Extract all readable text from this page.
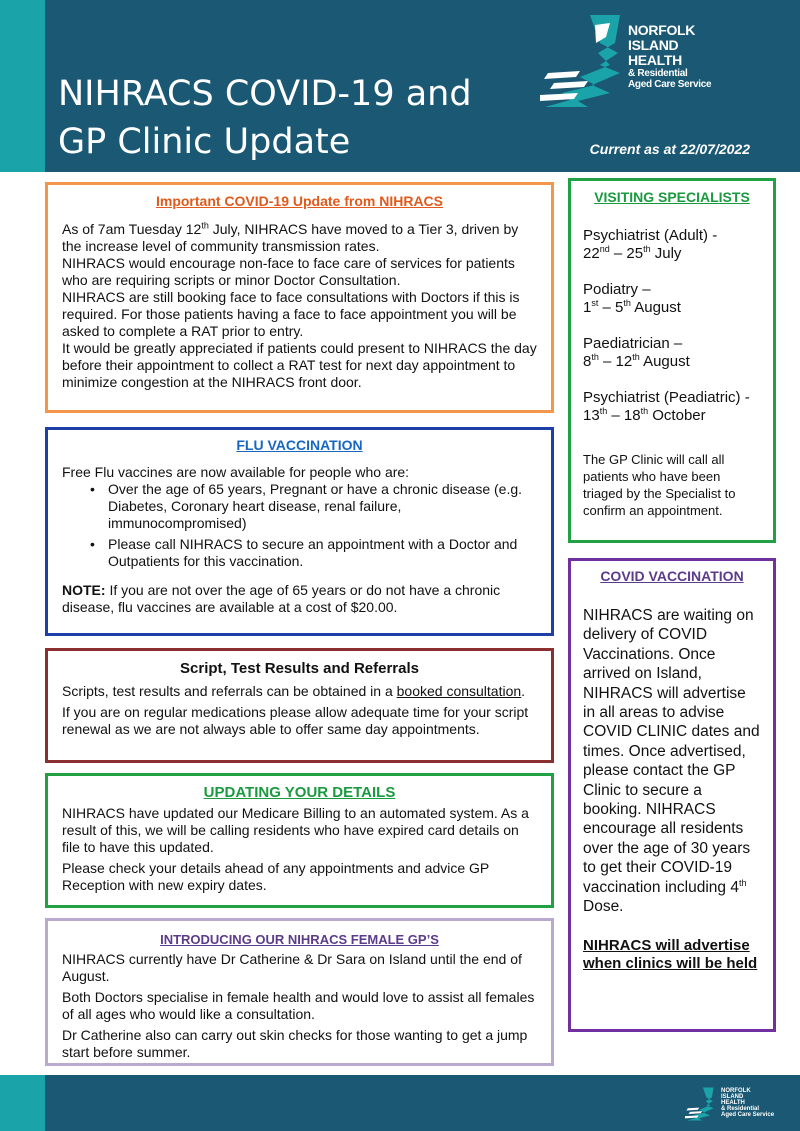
NIHRACS COVID-19 and GP Clinic Update	Current as at 22/07/2022
NORFOLK
ISLAND
HEALTH
& Residential
Aged Care Service
Important COVID-19 Update from NIHRACS

As of 7am Tuesday 12th July, NIHRACS have moved to a Tier 3, driven by the increase level of community transmission rates.

NIHRACS would encourage non-face to face care of services for patients who are requiring scripts or minor Doctor Consultation.

NIHRACS are still booking face to face consultations with Doctors if this is required. For those patients having a face to face appointment you will be asked to complete a RAT prior to entry.

It would be greatly appreciated if patients could present to NIHRACS the day before their appointment to collect a RAT test for next day appointment to minimize congestion at the NIHRACS front door.

FLU VACCINATION

Free Flu vaccines are now available for people who are:

• Over the age of 65 years, Pregnant or have a chronic disease (e.g. Diabetes, Coronary heart disease, renal failure, immunocompromised)
• Please call NIHRACS to secure an appointment with a Doctor and Outpatients for this vaccination.

NOTE: If you are not over the age of 65 years or do not have a chronic disease, flu vaccines are available at a cost of $20.00.

Script, Test Results and Referrals

Scripts, test results and referrals can be obtained in a booked consultation.

If you are on regular medications please allow adequate time for your script renewal as we are not always able to offer same day appointments.

UPDATING YOUR DETAILS

NIHRACS have updated our Medicare Billing to an automated system. As a result of this, we will be calling residents who have expired card details on file to have this updated.

Please check your details ahead of any appointments and advice GP Reception with new expiry dates.

INTRODUCING OUR NIHRACS FEMALE GP’S

NIHRACS currently have Dr Catherine & Dr Sara on Island until the end of August.

Both Doctors specialise in female health and would love to assist all females of all ages who would like a consultation.

Dr Catherine also can carry out skin checks for those wanting to get a jump start before summer.

VISITING SPECIALISTS
Psychiatrist (Adult) -
22nd – 25th July
Podiatry –
1st – 5th August
Paediatrician –
8th – 12th August
Psychiatrist (Peadiatric) -
13th – 18th October
The GP Clinic will call all patients who have been triaged by the Specialist to confirm an appointment.
COVID VACCINATION
NIHRACS are waiting on delivery of COVID Vaccinations. Once arrived on Island, NIHRACS will advertise in all areas to advise COVID CLINIC dates and times. Once advertised, please contact the GP Clinic to secure a booking. NIHRACS encourage all residents over the age of 30 years to get their COVID-19 vaccination including 4th Dose.
NIHRACS will advertise when clinics will be held
NORFOLK
ISLAND
HEALTH
& Residential
Aged Care Service
